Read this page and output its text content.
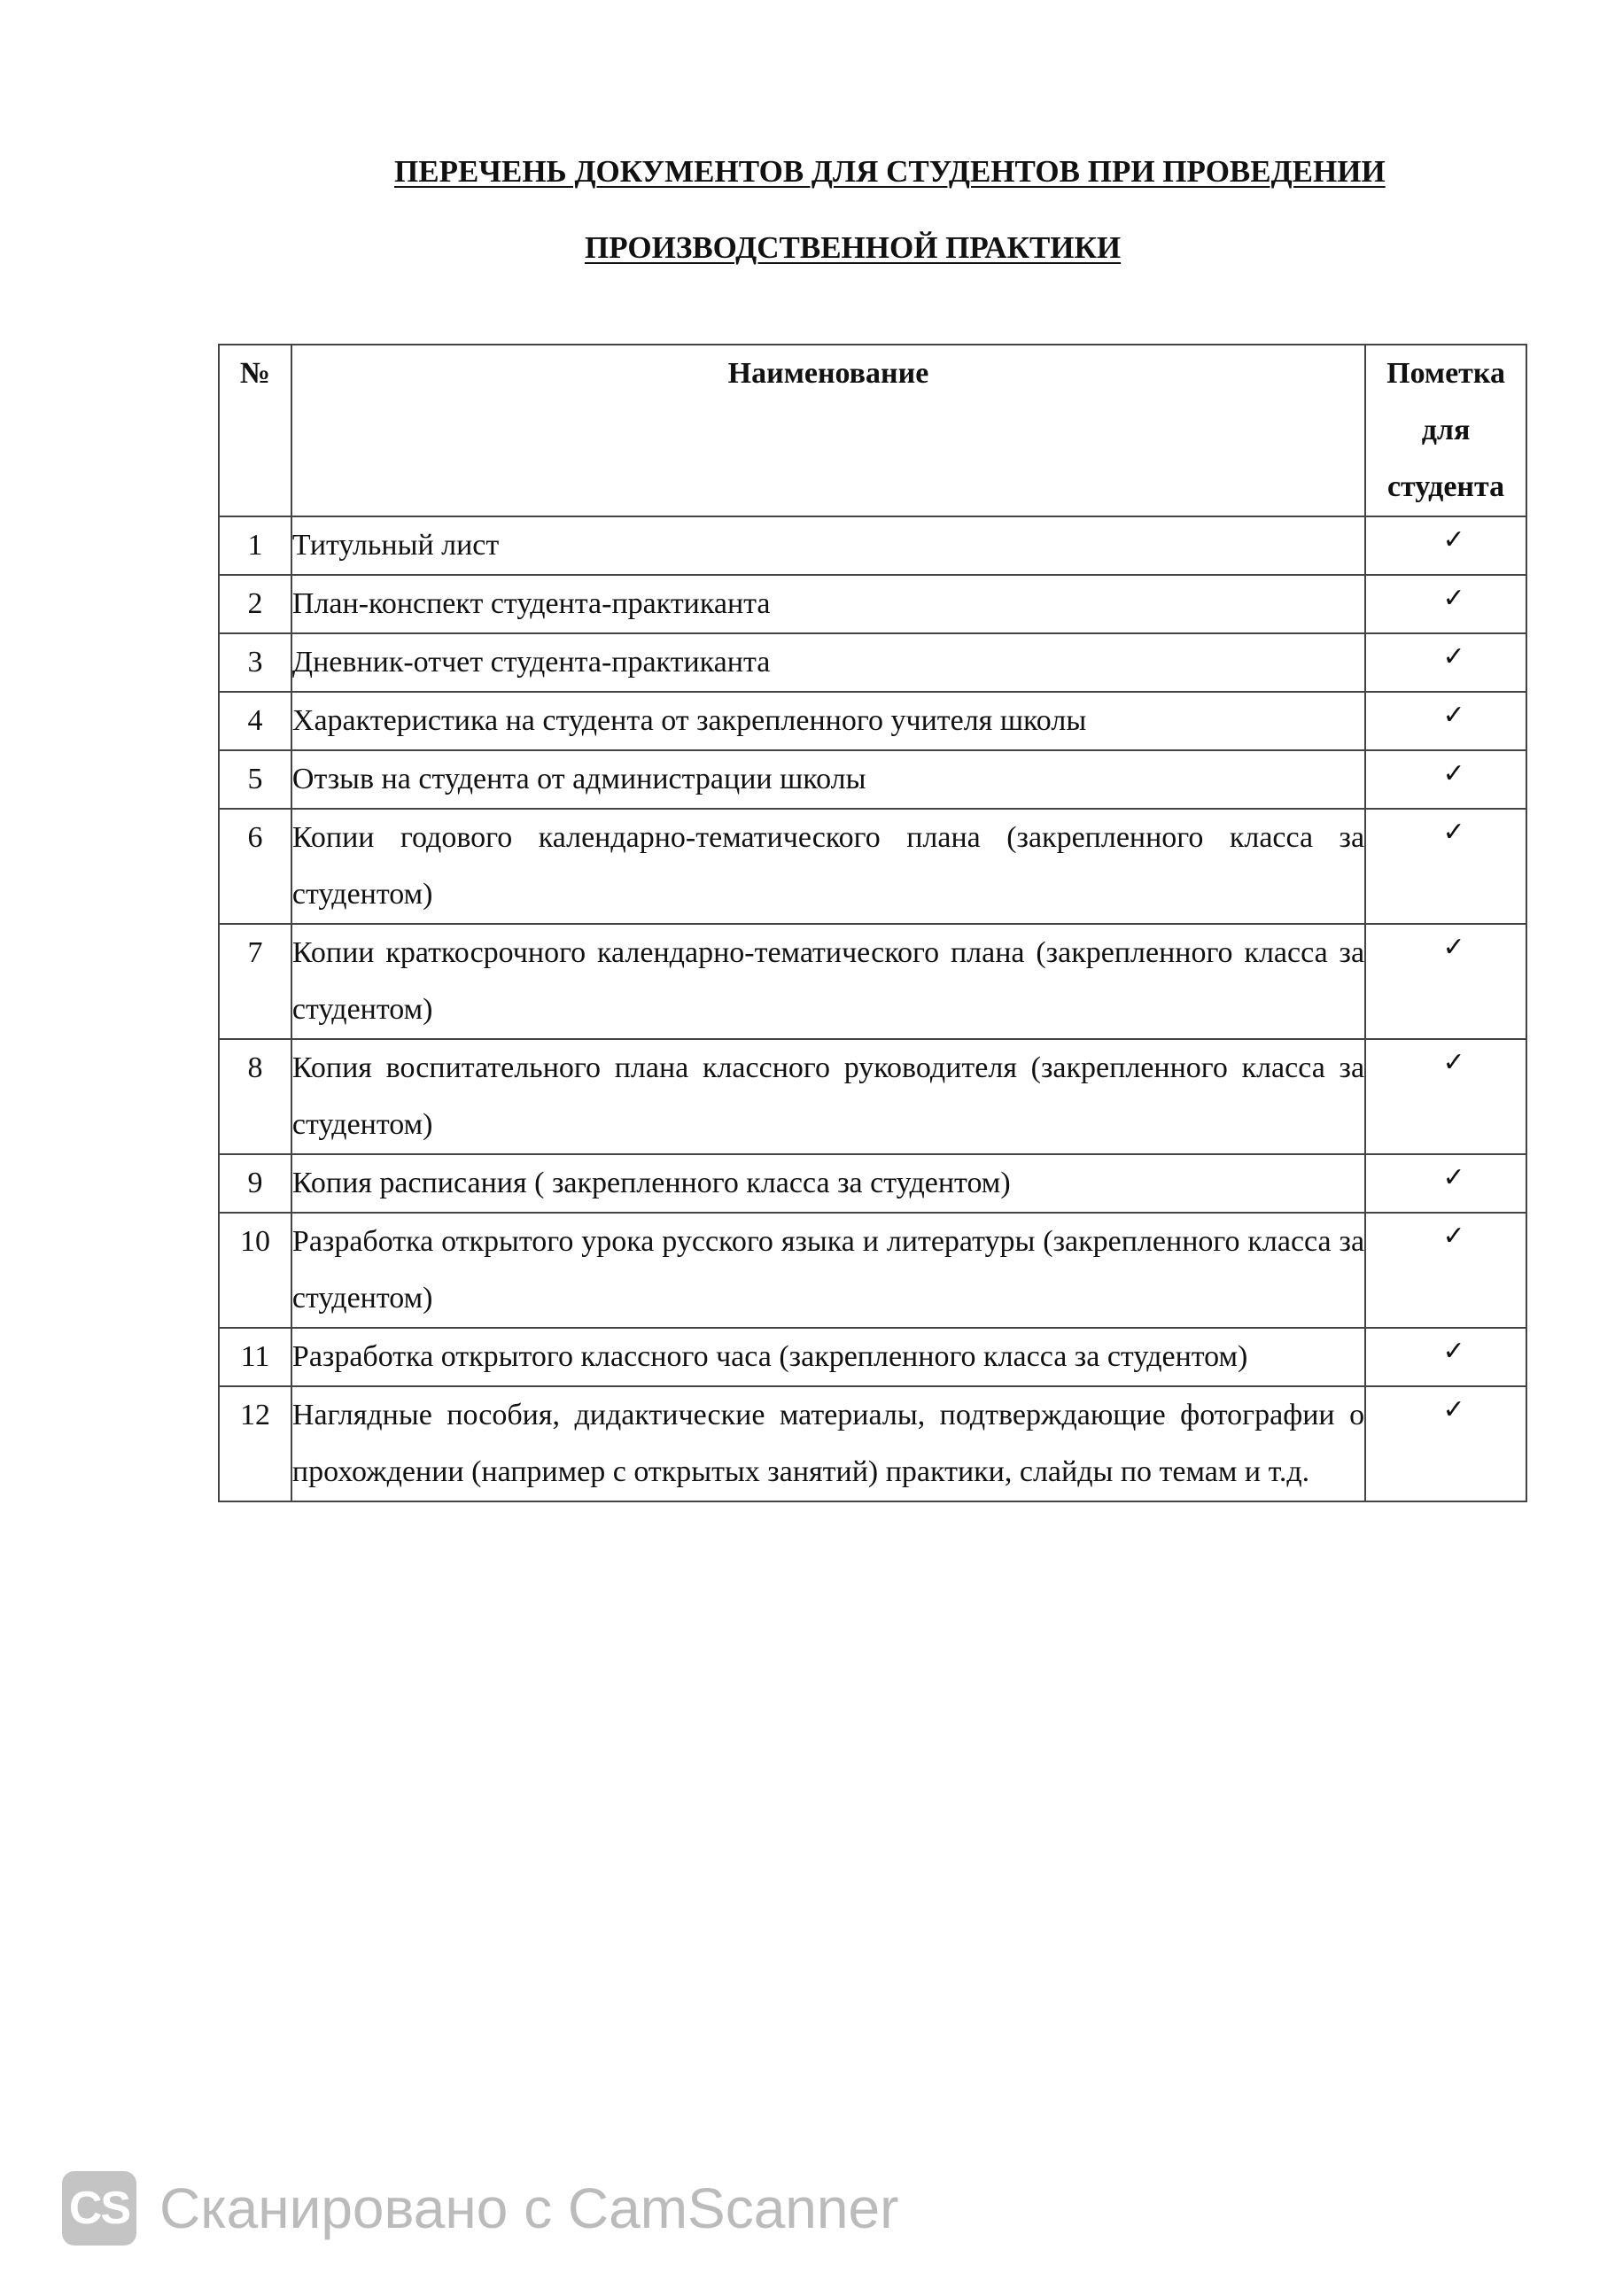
ПЕРЕЧЕНЬ ДОКУМЕНТОВ ДЛЯ СТУДЕНТОВ ПРИ ПРОВЕДЕНИИ
ПРОИЗВОДСТВЕННОЙ ПРАКТИКИ
№	Наименование	Пометка для студента
1	Титульный лист	✓
2	План-конспект студента-практиканта	✓
3	Дневник-отчет студента-практиканта	✓
4	Характеристика на студента от закрепленного учителя школы	✓
5	Отзыв на студента от администрации школы	✓
6	Копии годового календарно-тематического плана (закрепленного класса за студентом)	✓
7	Копии краткосрочного календарно-тематического плана (закрепленного класса за студентом)	✓
8	Копия воспитательного плана классного руководителя (закрепленного класса за студентом)	✓
9	Копия расписания ( закрепленного класса за студентом)	✓
10	Разработка открытого урока русского языка и литературы (закрепленного класса за студентом)	✓
11	Разработка открытого классного часа (закрепленного класса за студентом)	✓
12	Наглядные пособия, дидактические материалы, подтверждающие фотографии о прохождении (например с открытых занятий) практики, слайды по темам и т.д.	✓
CS Сканировано с CamScanner
